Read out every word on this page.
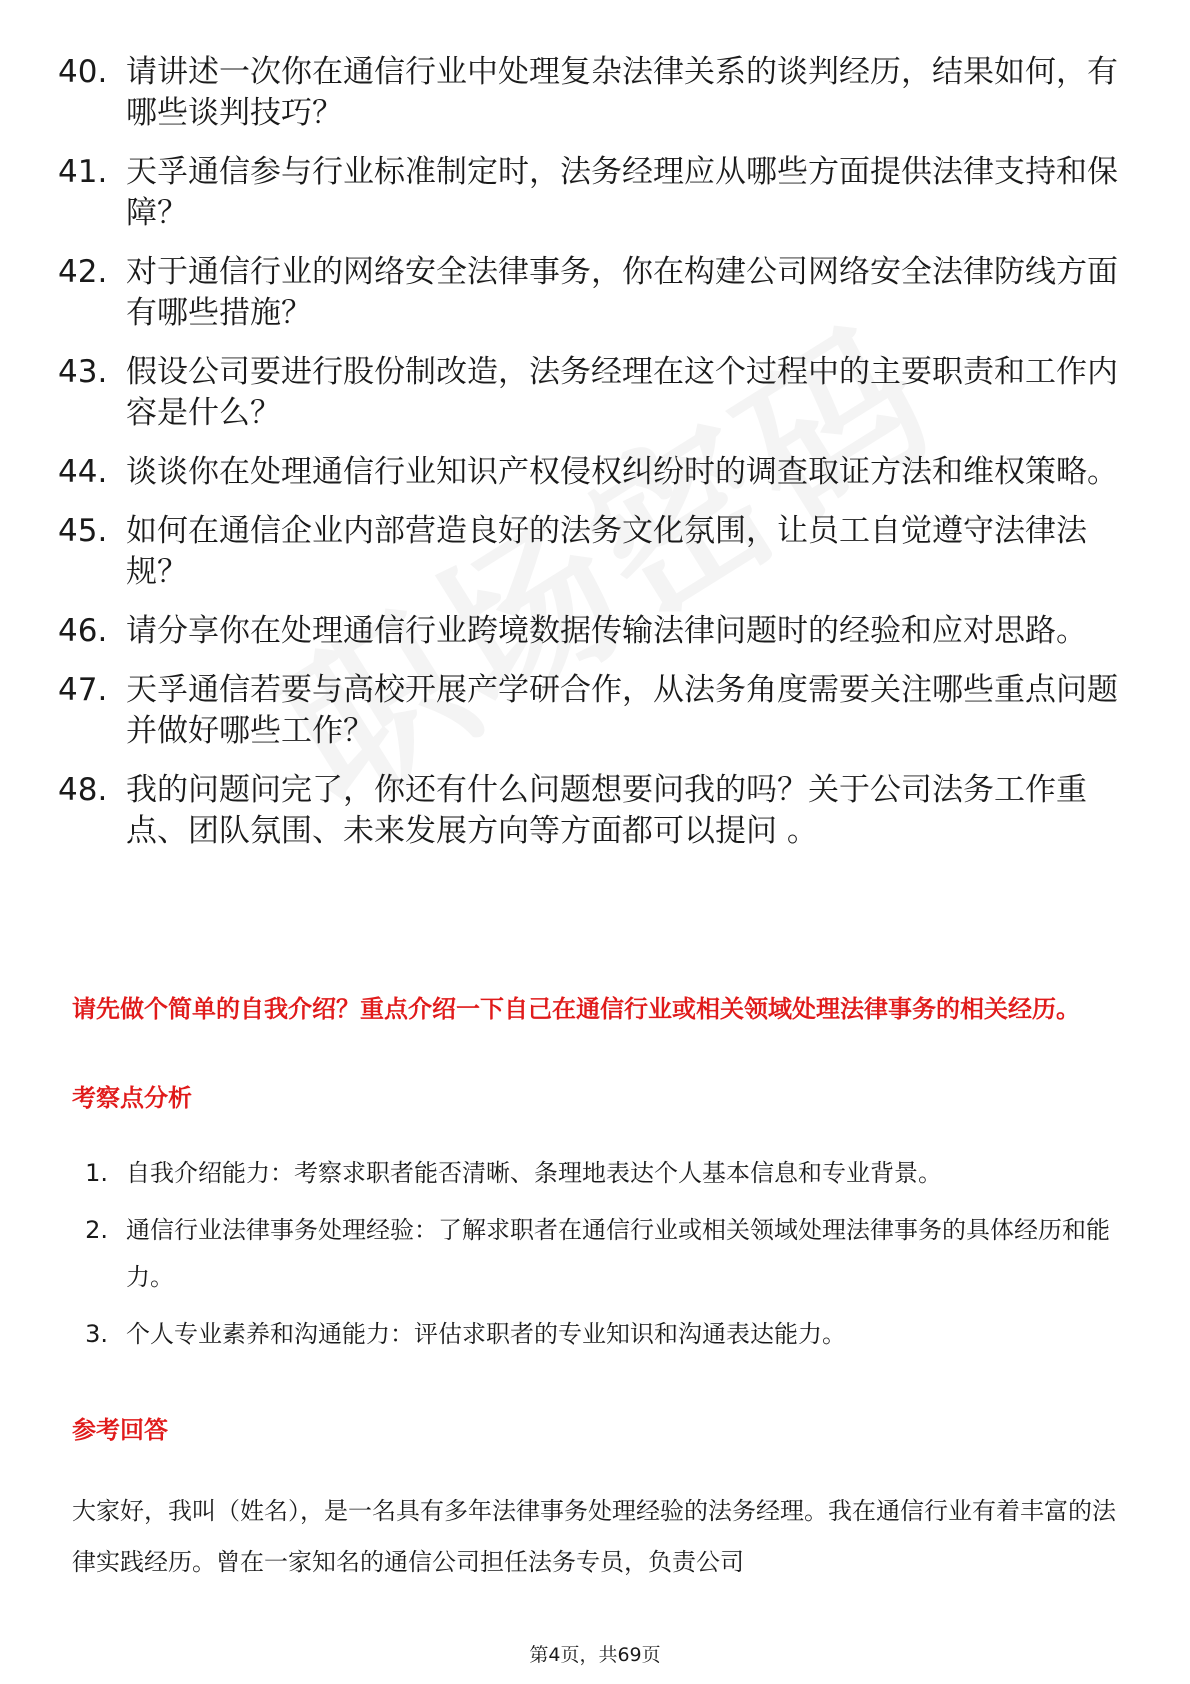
40. 请讲述一次你在通信行业中处理复杂法律关系的谈判经历，结果如何，有哪些谈判技巧？
41. 天孚通信参与行业标准制定时，法务经理应从哪些方面提供法律支持和保障？
42. 对于通信行业的网络安全法律事务，你在构建公司网络安全法律防线方面有哪些措施？
43. 假设公司要进行股份制改造，法务经理在这个过程中的主要职责和工作内容是什么？
44. 谈谈你在处理通信行业知识产权侵权纠纷时的调查取证方法和维权策略。
45. 如何在通信企业内部营造良好的法务文化氛围，让员工自觉遵守法律法规？
46. 请分享你在处理通信行业跨境数据传输法律问题时的经验和应对思路。
47. 天孚通信若要与高校开展产学研合作，从法务角度需要关注哪些重点问题并做好哪些工作？
48. 我的问题问完了，你还有什么问题想要问我的吗？关于公司法务工作重点、团队氛围、未来发展方向等方面都可以提问 。
请先做个简单的自我介绍？重点介绍一下自己在通信行业或相关领域处理法律事务的相关经历。
考察点分析
1. 自我介绍能力：考察求职者能否清晰、条理地表达个人基本信息和专业背景。
2. 通信行业法律事务处理经验：了解求职者在通信行业或相关领域处理法律事务的具体经历和能力。
3. 个人专业素养和沟通能力：评估求职者的专业知识和沟通表达能力。
参考回答

大家好，我叫（姓名），是一名具有多年法律事务处理经验的法务经理。我在通信行业有着丰富的法律实践经历。曾在一家知名的通信公司担任法务专员，负责公司

第4页，共69页
